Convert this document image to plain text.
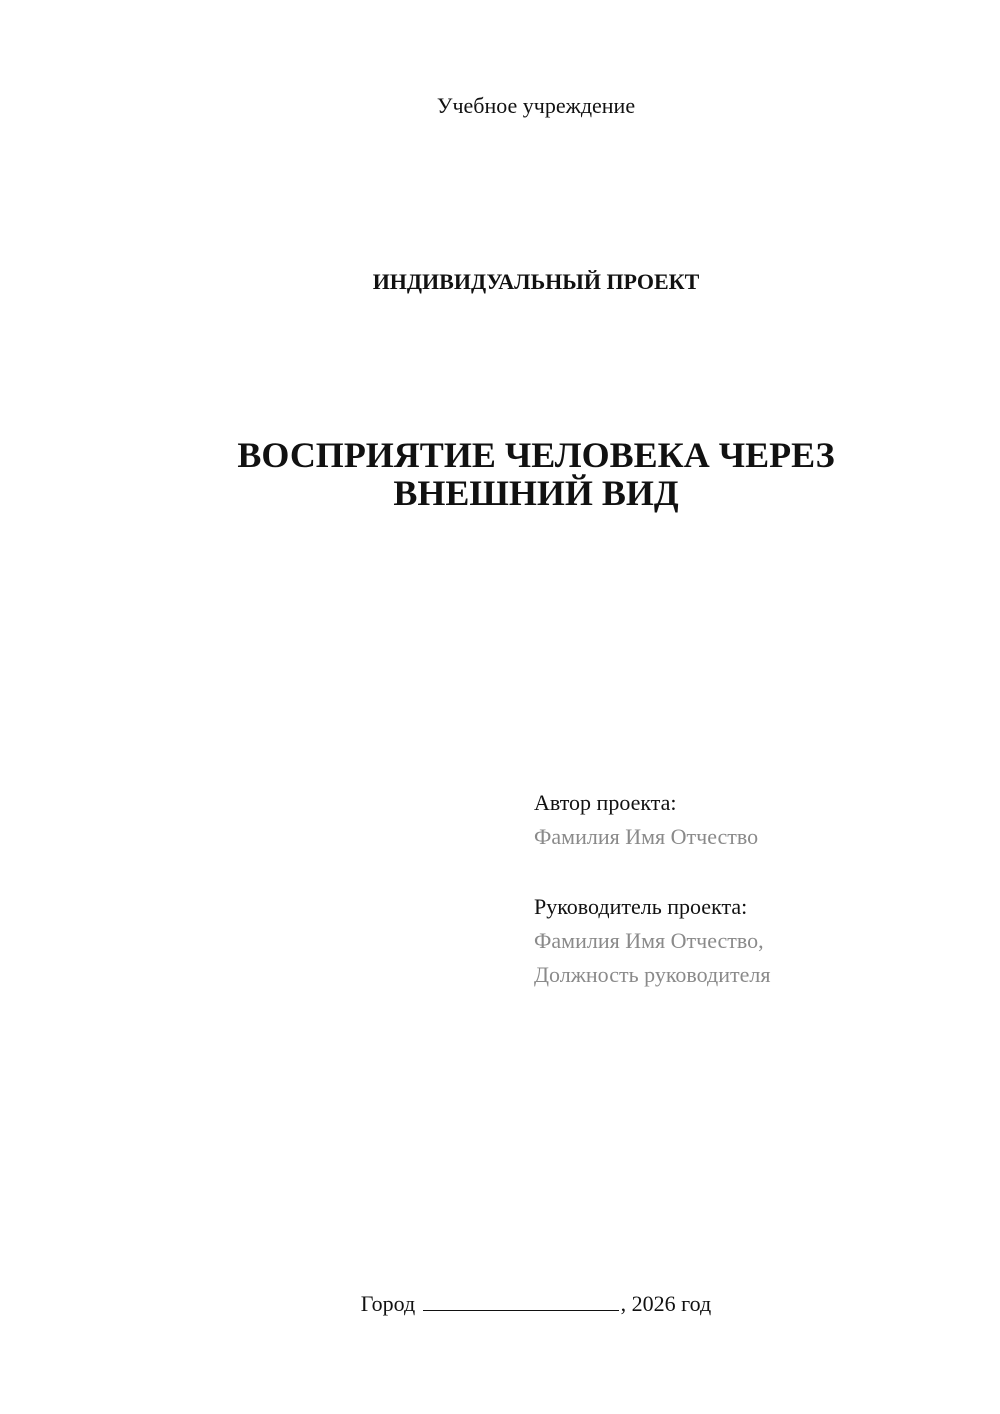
Учебное учреждение
ИНДИВИДУАЛЬНЫЙ ПРОЕКТ
ВОСПРИЯТИЕ ЧЕЛОВЕКА ЧЕРЕЗ
ВНЕШНИЙ ВИД
Автор проекта:
Фамилия Имя Отчество
Руководитель проекта:
Фамилия Имя Отчество,
Должность руководителя
Город	, 2026 год
